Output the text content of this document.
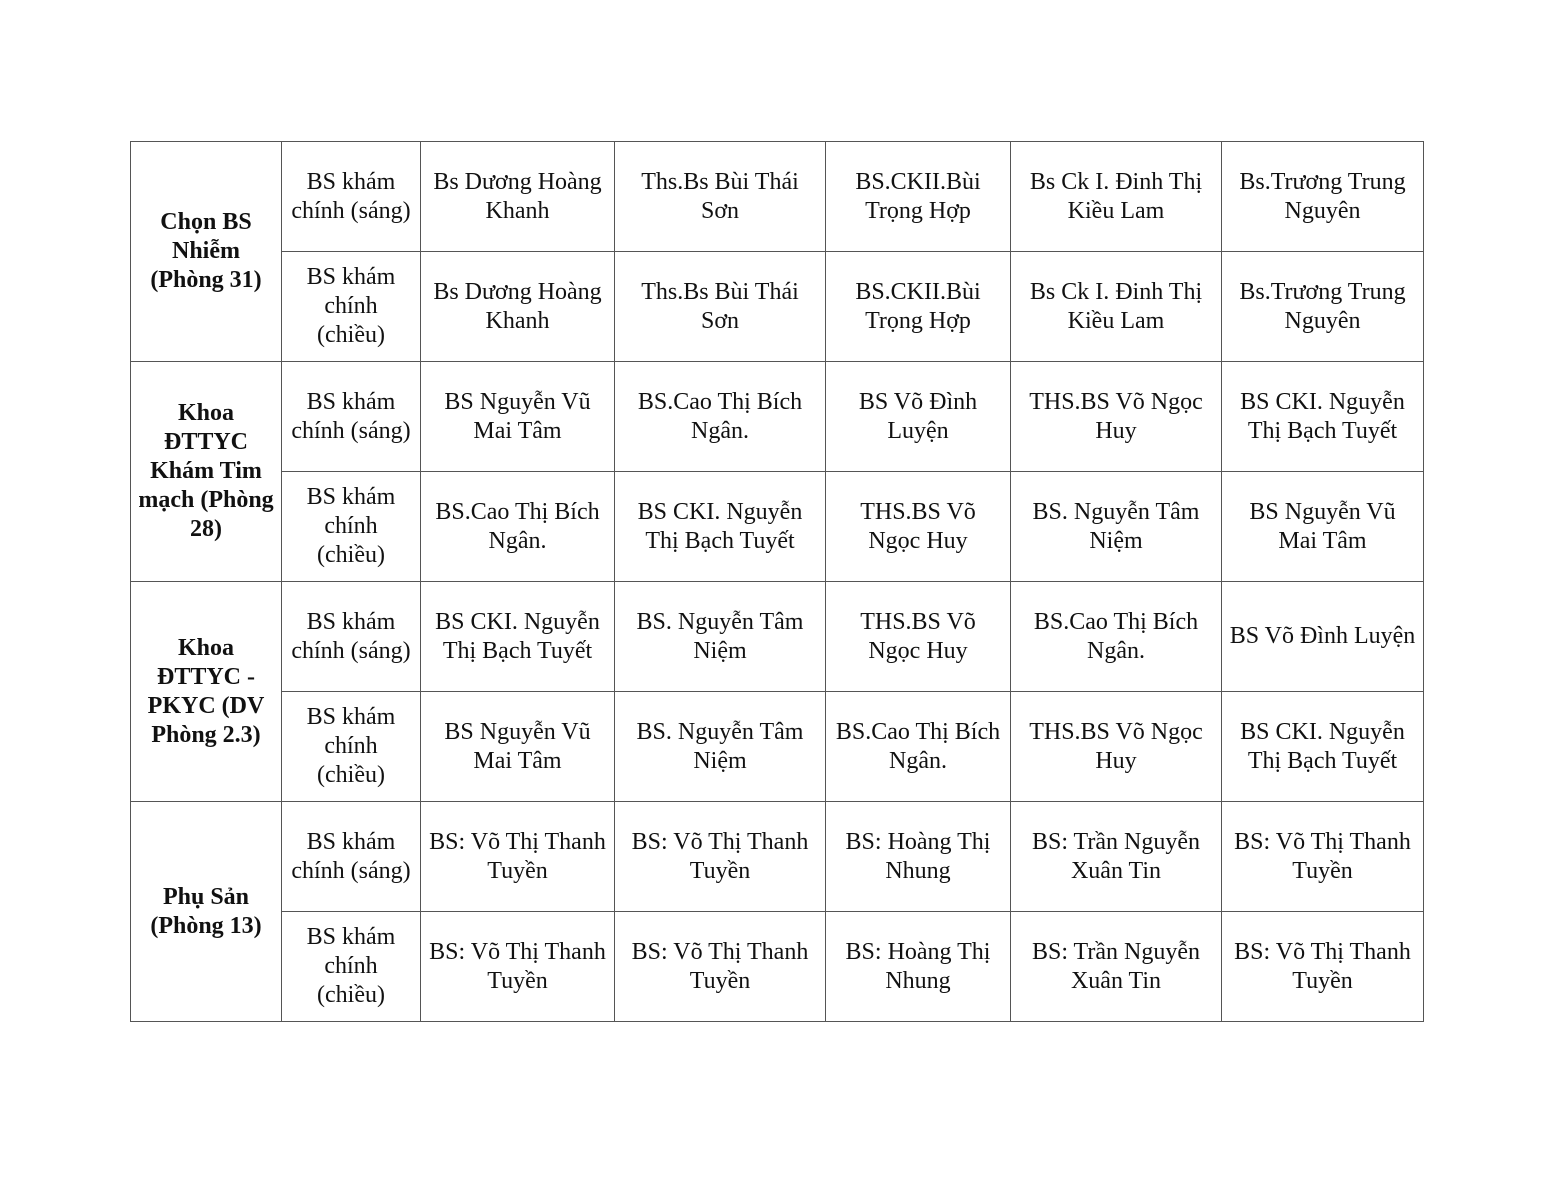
Chọn BS Nhiễm (Phòng 31)	BS khám chính (sáng)	Bs Dương Hoàng Khanh	Ths.Bs Bùi Thái Sơn	BS.CKII.Bùi Trọng Hợp	Bs Ck I. Đinh Thị Kiều Lam	Bs.Trương Trung Nguyên
	BS khám chính (chiều)	Bs Dương Hoàng Khanh	Ths.Bs Bùi Thái Sơn	BS.CKII.Bùi Trọng Hợp	Bs Ck I. Đinh Thị Kiều Lam	Bs.Trương Trung Nguyên
Khoa ĐTTYC Khám Tim mạch (Phòng 28)	BS khám chính (sáng)	BS Nguyễn Vũ Mai Tâm	BS.Cao Thị Bích Ngân.	BS Võ Đình Luyện	THS.BS Võ Ngọc Huy	BS CKI. Nguyễn Thị Bạch Tuyết
	BS khám chính (chiều)	BS.Cao Thị Bích Ngân.	BS CKI. Nguyễn Thị Bạch Tuyết	THS.BS Võ Ngọc Huy	BS. Nguyễn Tâm Niệm	BS Nguyễn Vũ Mai Tâm
Khoa ĐTTYC - PKYC (DV Phòng 2.3)	BS khám chính (sáng)	BS CKI. Nguyễn Thị Bạch Tuyết	BS. Nguyễn Tâm Niệm	THS.BS Võ Ngọc Huy	BS.Cao Thị Bích Ngân.	BS Võ Đình Luyện
	BS khám chính (chiều)	BS Nguyễn Vũ Mai Tâm	BS. Nguyễn Tâm Niệm	BS.Cao Thị Bích Ngân.	THS.BS Võ Ngọc Huy	BS CKI. Nguyễn Thị Bạch Tuyết
Phụ Sản (Phòng 13)	BS khám chính (sáng)	BS: Võ Thị Thanh Tuyền	BS: Võ Thị Thanh Tuyền	BS: Hoàng Thị Nhung	BS: Trần Nguyễn Xuân Tin	BS: Võ Thị Thanh Tuyền
	BS khám chính (chiều)	BS: Võ Thị Thanh Tuyền	BS: Võ Thị Thanh Tuyền	BS: Hoàng Thị Nhung	BS: Trần Nguyễn Xuân Tin	BS: Võ Thị Thanh Tuyền
